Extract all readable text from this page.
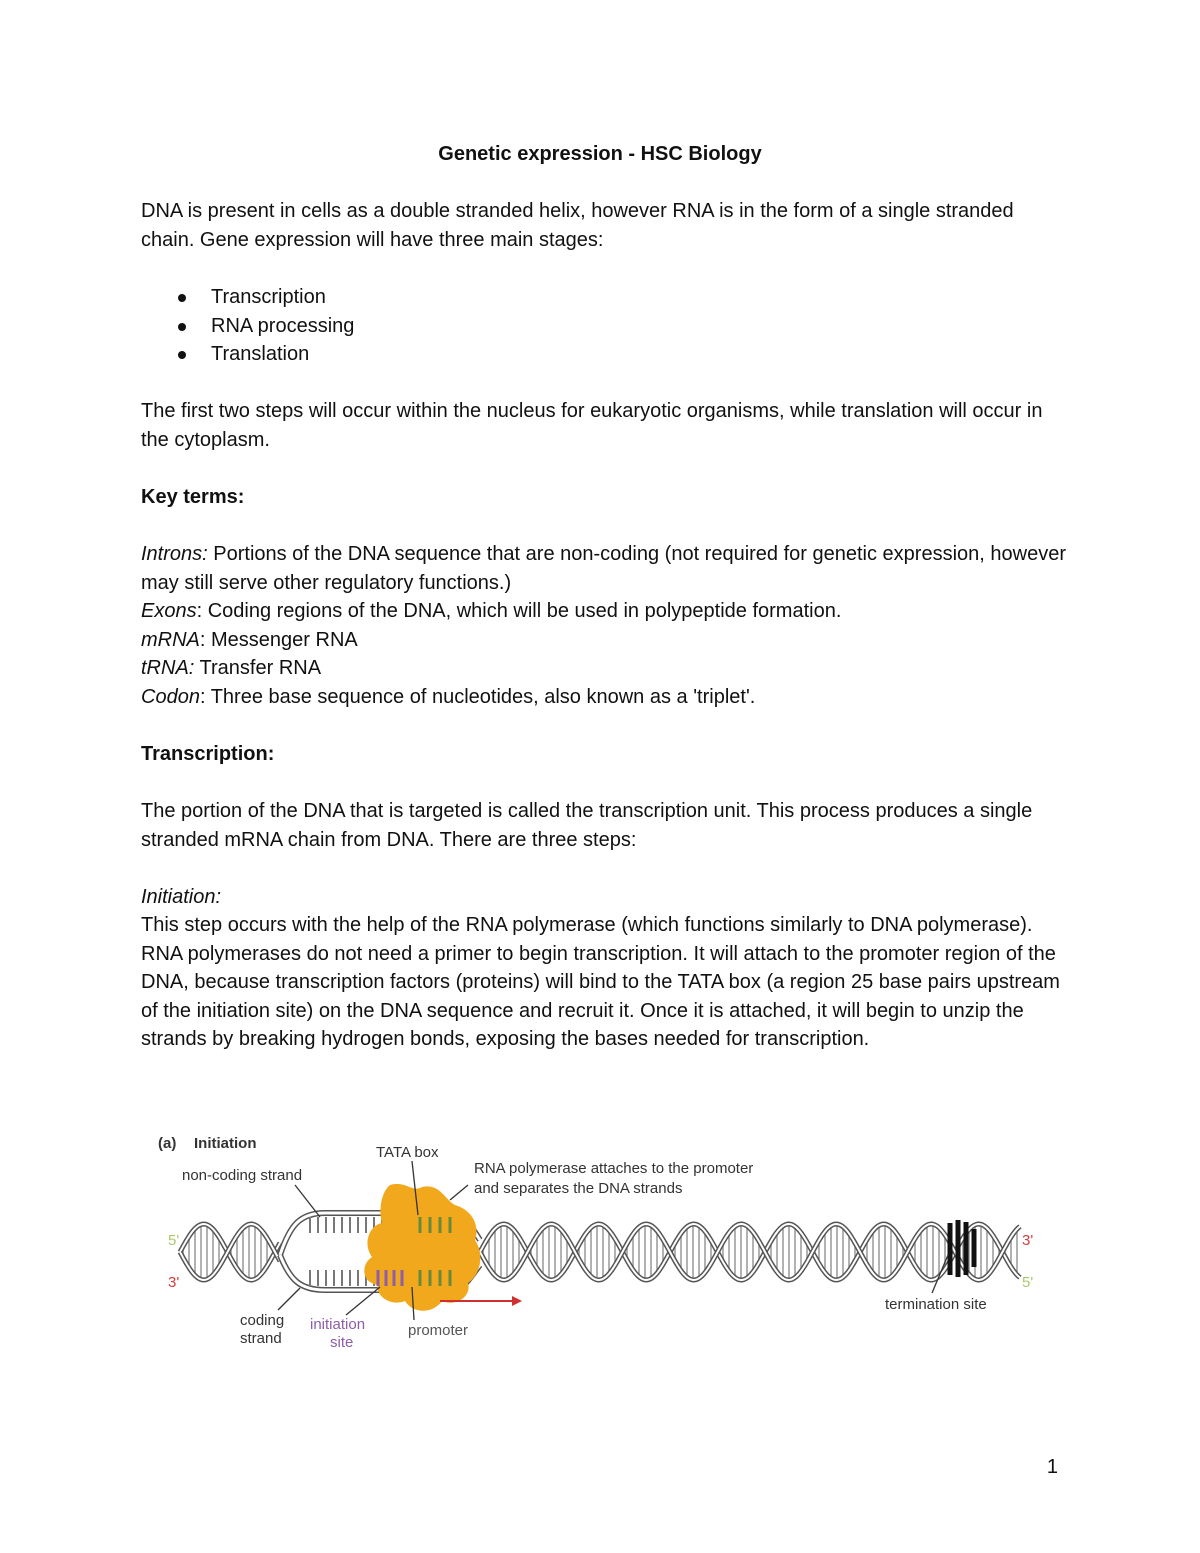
Genetic expression - HSC Biology

DNA is present in cells as a double stranded helix, however RNA is in the form of a single stranded chain. Gene expression will have three main stages:

Transcription
RNA processing
Translation

The first two steps will occur within the nucleus for eukaryotic organisms, while translation will occur in the cytoplasm.

Key terms:

Introns: Portions of the DNA sequence that are non-coding (not required for genetic expression, however may still serve other regulatory functions.)

Exons: Coding regions of the DNA, which will be used in polypeptide formation.

mRNA: Messenger RNA

tRNA: Transfer RNA

Codon: Three base sequence of nucleotides, also known as a 'triplet'.

Transcription:

The portion of the DNA that is targeted is called the transcription unit. This process produces a single stranded mRNA chain from DNA. There are three steps:

Initiation:

This step occurs with the help of the RNA polymerase (which functions similarly to DNA polymerase). RNA polymerases do not need a primer to begin transcription. It will attach to the promoter region of the DNA, because transcription factors (proteins) will bind to the TATA box (a region 25 base pairs upstream of the initiation site) on the DNA sequence and recruit it. Once it is attached, it will begin to unzip the strands by breaking hydrogen bonds, exposing the bases needed for transcription.

(a) Initiation
TATA box
non-coding strand	RNA polymerase attaches to the promoter
and separates the DNA strands
5'
3'
3'
5'
coding
strand
initiation
site
promoter
termination site
1
